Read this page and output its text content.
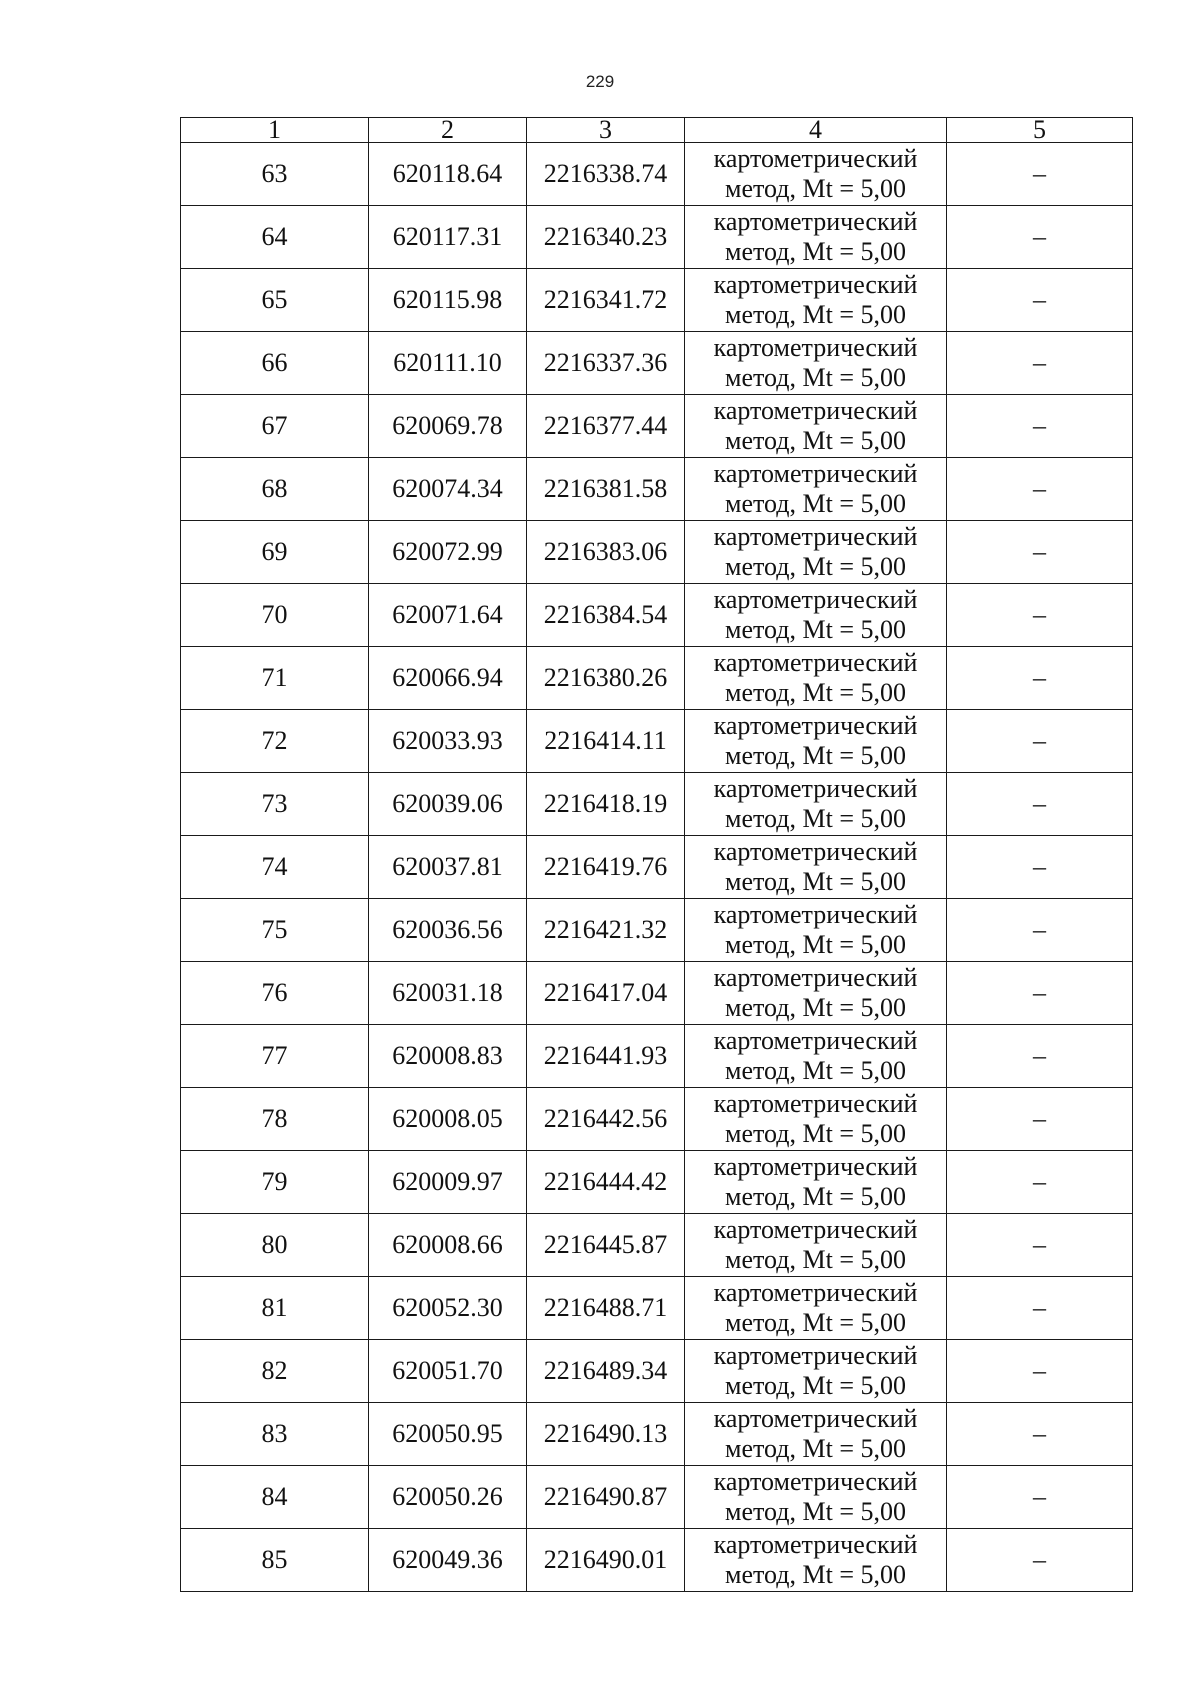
229
1	2	3	4	5
63	620118.64	2216338.74	картометрический
метод, Mt = 5,00	–
64	620117.31	2216340.23	картометрический
метод, Mt = 5,00	–
65	620115.98	2216341.72	картометрический
метод, Mt = 5,00	–
66	620111.10	2216337.36	картометрический
метод, Mt = 5,00	–
67	620069.78	2216377.44	картометрический
метод, Mt = 5,00	–
68	620074.34	2216381.58	картометрический
метод, Mt = 5,00	–
69	620072.99	2216383.06	картометрический
метод, Mt = 5,00	–
70	620071.64	2216384.54	картометрический
метод, Mt = 5,00	–
71	620066.94	2216380.26	картометрический
метод, Mt = 5,00	–
72	620033.93	2216414.11	картометрический
метод, Mt = 5,00	–
73	620039.06	2216418.19	картометрический
метод, Mt = 5,00	–
74	620037.81	2216419.76	картометрический
метод, Mt = 5,00	–
75	620036.56	2216421.32	картометрический
метод, Mt = 5,00	–
76	620031.18	2216417.04	картометрический
метод, Mt = 5,00	–
77	620008.83	2216441.93	картометрический
метод, Mt = 5,00	–
78	620008.05	2216442.56	картометрический
метод, Mt = 5,00	–
79	620009.97	2216444.42	картометрический
метод, Mt = 5,00	–
80	620008.66	2216445.87	картометрический
метод, Mt = 5,00	–
81	620052.30	2216488.71	картометрический
метод, Mt = 5,00	–
82	620051.70	2216489.34	картометрический
метод, Mt = 5,00	–
83	620050.95	2216490.13	картометрический
метод, Mt = 5,00	–
84	620050.26	2216490.87	картометрический
метод, Mt = 5,00	–
85	620049.36	2216490.01	картометрический
метод, Mt = 5,00	–
